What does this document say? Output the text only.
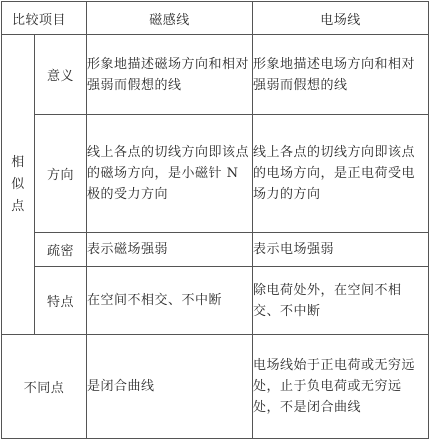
比较项目		磁感线	电场线
相似点	意义	形象地描述磁场方向和相对强弱而假想的线	形象地描述电场方向和相对强弱而假想的线
	方向	线上各点的切线方向即该点的磁场方向，是小磁针 N 极的受力方向	线上各点的切线方向即该点的电场方向，是正电荷受电场力的方向
	疏密	表示磁场强弱	表示电场强弱
	特点	在空间不相交、不中断	除电荷处外，在空间不相交、不中断
不同点		是闭合曲线	电场线始于正电荷或无穷远处，止于负电荷或无穷远处，不是闭合曲线
